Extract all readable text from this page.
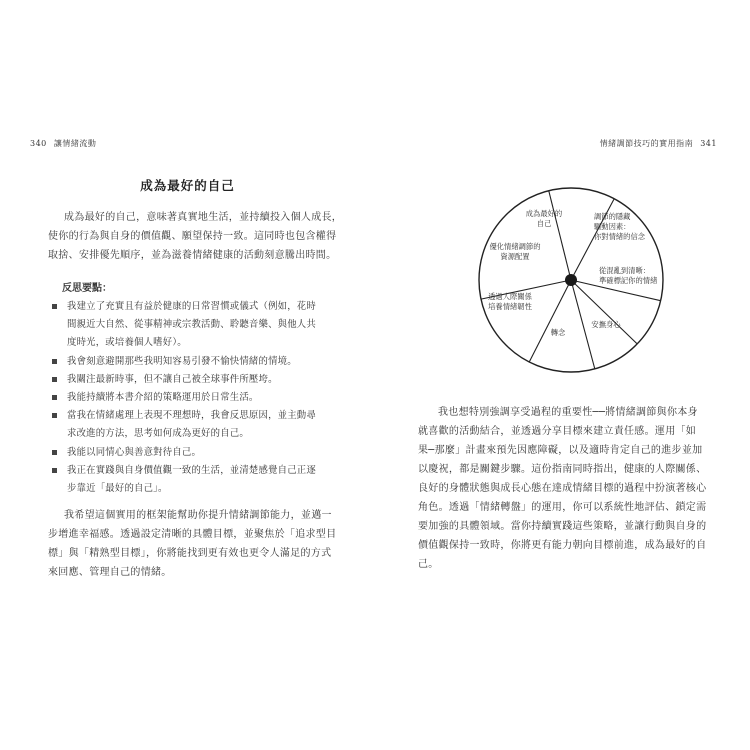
340 讓情緒流動
成為最好的自己
成為最好的自己，意味著真實地生活，並持續投入個人成長，
使你的行為與自身的價值觀、願望保持一致。這同時也包含權得
取捨、安排優先順序，並為滋養情緒健康的活動刻意騰出時間。
反思要點：
我建立了充實且有益於健康的日常習慣或儀式（例如，花時
間親近大自然、從事精神或宗教活動、聆聽音樂、與他人共
度時光，或培養個人嗜好）。
我會刻意避開那些我明知容易引發不愉快情緒的情境。
我關注最新時事，但不讓自己被全球事件所壓垮。
我能持續將本書介紹的策略運用於日常生活。
當我在情緒處理上表現不理想時，我會反思原因，並主動尋
求改進的方法，思考如何成為更好的自己。
我能以同情心與善意對待自己。
我正在實踐與自身價值觀一致的生活，並清楚感覺自己正逐
步靠近「最好的自己」。
我希望這個實用的框架能幫助你提升情緒調節能力，並邁一
步增進幸福感。透過設定清晰的具體目標，並聚焦於「追求型目
標」與「精熟型目標」，你將能找到更有效也更令人滿足的方式
來回應、管理自己的情緒。
情緒調節技巧的實用指南 341
成為最好的自己
調節的隱藏驅動因素：你對情緒的信念
從混亂到清晰：準確標記你的情緒
安撫身心
轉念
透過人際關係培養情緒韌性
優化情緒調節的資源配置
我也想特別強調享受過程的重要性──將情緒調節與你本身
就喜歡的活動結合，並透過分享目標來建立責任感。運用「如
果─那麼」計畫來預先因應障礙，以及適時肯定自己的進步並加
以慶祝，都是關鍵步驟。這份指南同時指出，健康的人際關係、
良好的身體狀態與成長心態在達成情緒目標的過程中扮演著核心
角色。透過「情緒轉盤」的運用，你可以系統性地評估、鎖定需
要加強的具體領域。當你持續實踐這些策略，並讓行動與自身的
價值觀保持一致時，你將更有能力朝向目標前進，成為最好的自
己。
